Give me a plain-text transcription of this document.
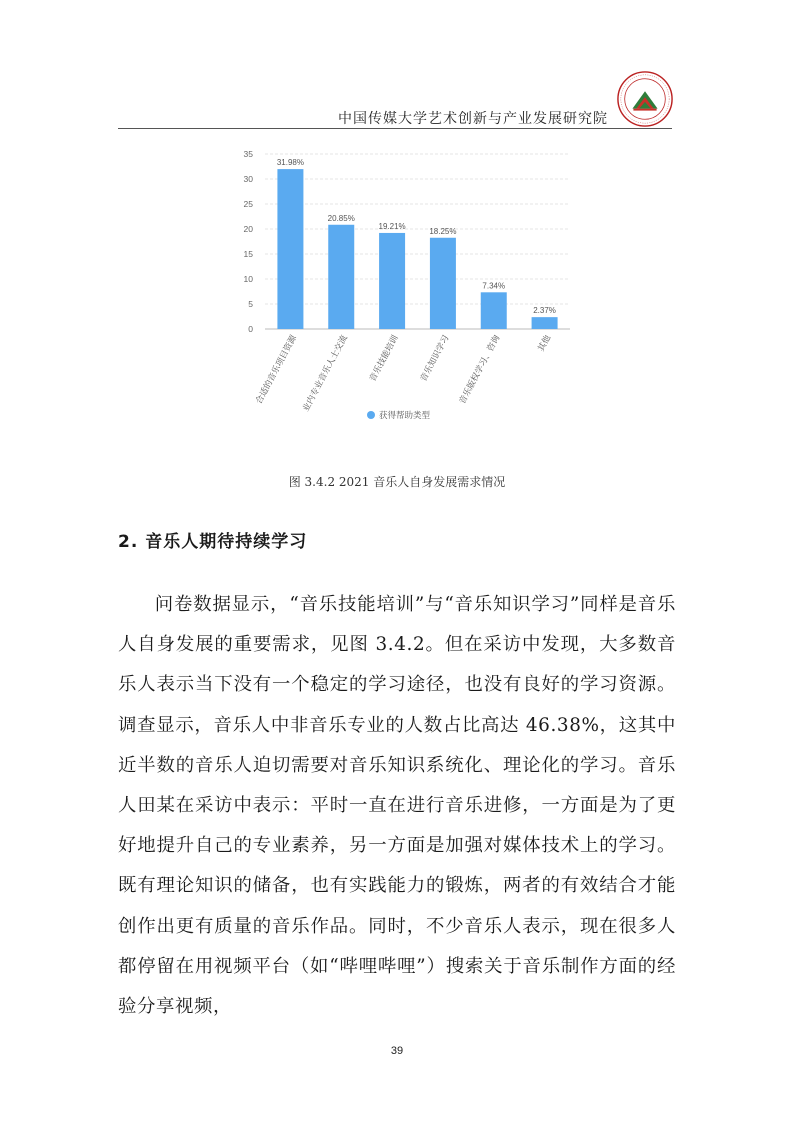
中国传媒大学艺术创新与产业发展研究院
0
5
10
15
20
25
30
35
31.98%
20.85%
19.21%
18.25%
7.34%
2.37%
合适的音乐项目资源 业内专业音乐人士交流 音乐技能培训 音乐知识学习 音乐版权学习、咨询	其他
获得帮助类型
图 3.4.2 2021 音乐人自身发展需求情况
2. 音乐人期待持续学习
问卷数据显示，“音乐技能培训”与“音乐知识学习”同样是音乐人自身发展的重要需求，见图 3.4.2。但在采访中发现，大多数音乐人表示当下没有一个稳定的学习途径，也没有良好的学习资源。调查显示，音乐人中非音乐专业的人数占比高达 46.38%，这其中近半数的音乐人迫切需要对音乐知识系统化、理论化的学习。音乐人田某在采访中表示：平时一直在进行音乐进修，一方面是为了更好地提升自己的专业素养，另一方面是加强对媒体技术上的学习。既有理论知识的储备，也有实践能力的锻炼，两者的有效结合才能创作出更有质量的音乐作品。同时，不少音乐人表示，现在很多人都停留在用视频平台（如“哔哩哔哩”）搜索关于音乐制作方面的经验分享视频，
39
